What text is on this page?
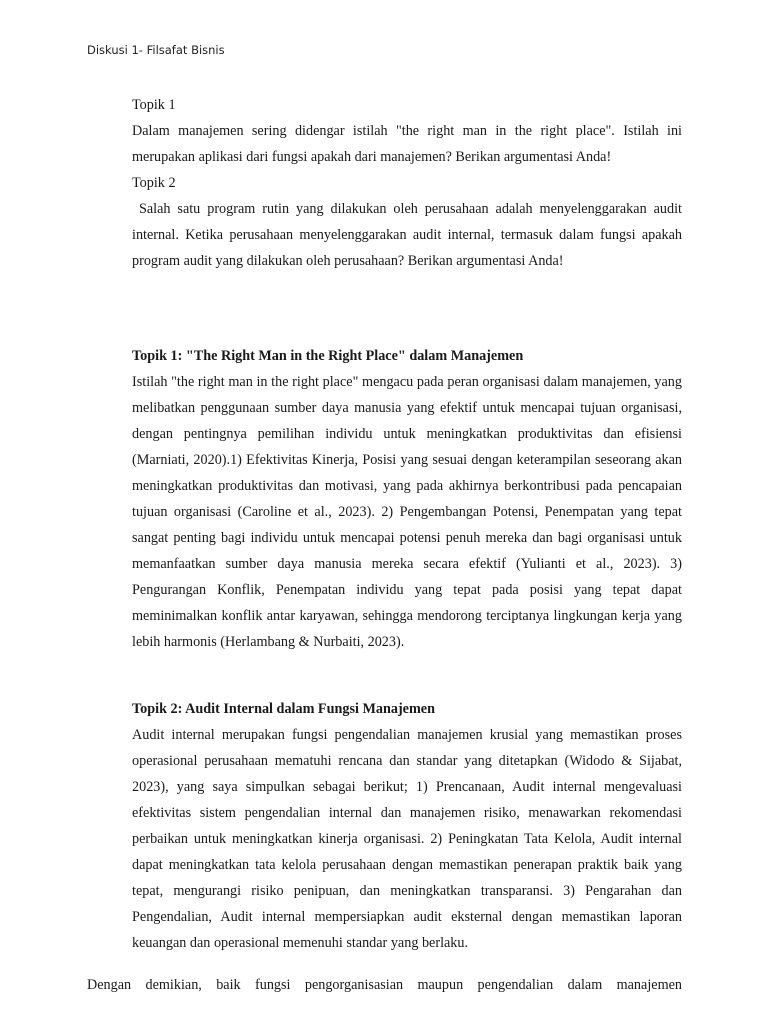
Diskusi 1- Filsafat Bisnis

Topik 1

Dalam manajemen sering didengar istilah "the right man in the right place". Istilah ini merupakan aplikasi dari fungsi apakah dari manajemen? Berikan argumentasi Anda!

Topik 2

Salah satu program rutin yang dilakukan oleh perusahaan adalah menyelenggarakan audit internal. Ketika perusahaan menyelenggarakan audit internal, termasuk dalam fungsi apakah program audit yang dilakukan oleh perusahaan? Berikan argumentasi Anda!

Topik 1: "The Right Man in the Right Place" dalam Manajemen

Istilah "the right man in the right place" mengacu pada peran organisasi dalam manajemen, yang melibatkan penggunaan sumber daya manusia yang efektif untuk mencapai tujuan organisasi, dengan pentingnya pemilihan individu untuk meningkatkan produktivitas dan efisiensi (Marniati, 2020).1) Efektivitas Kinerja, Posisi yang sesuai dengan keterampilan seseorang akan meningkatkan produktivitas dan motivasi, yang pada akhirnya berkontribusi pada pencapaian tujuan organisasi (Caroline et al., 2023). 2) Pengembangan Potensi, Penempatan yang tepat sangat penting bagi individu untuk mencapai potensi penuh mereka dan bagi organisasi untuk memanfaatkan sumber daya manusia mereka secara efektif (Yulianti et al., 2023). 3) Pengurangan Konflik, Penempatan individu yang tepat pada posisi yang tepat dapat meminimalkan konflik antar karyawan, sehingga mendorong terciptanya lingkungan kerja yang lebih harmonis (Herlambang & Nurbaiti, 2023).

Topik 2: Audit Internal dalam Fungsi Manajemen

Audit internal merupakan fungsi pengendalian manajemen krusial yang memastikan proses operasional perusahaan mematuhi rencana dan standar yang ditetapkan (Widodo & Sijabat, 2023), yang saya simpulkan sebagai berikut; 1) Prencanaan, Audit internal mengevaluasi efektivitas sistem pengendalian internal dan manajemen risiko, menawarkan rekomendasi perbaikan untuk meningkatkan kinerja organisasi. 2) Peningkatan Tata Kelola, Audit internal dapat meningkatkan tata kelola perusahaan dengan memastikan penerapan praktik baik yang tepat, mengurangi risiko penipuan, dan meningkatkan transparansi. 3) Pengarahan dan Pengendalian, Audit internal mempersiapkan audit eksternal dengan memastikan laporan keuangan dan operasional memenuhi standar yang berlaku.

Dengan demikian, baik fungsi pengorganisasian maupun pengendalian dalam manajemen
